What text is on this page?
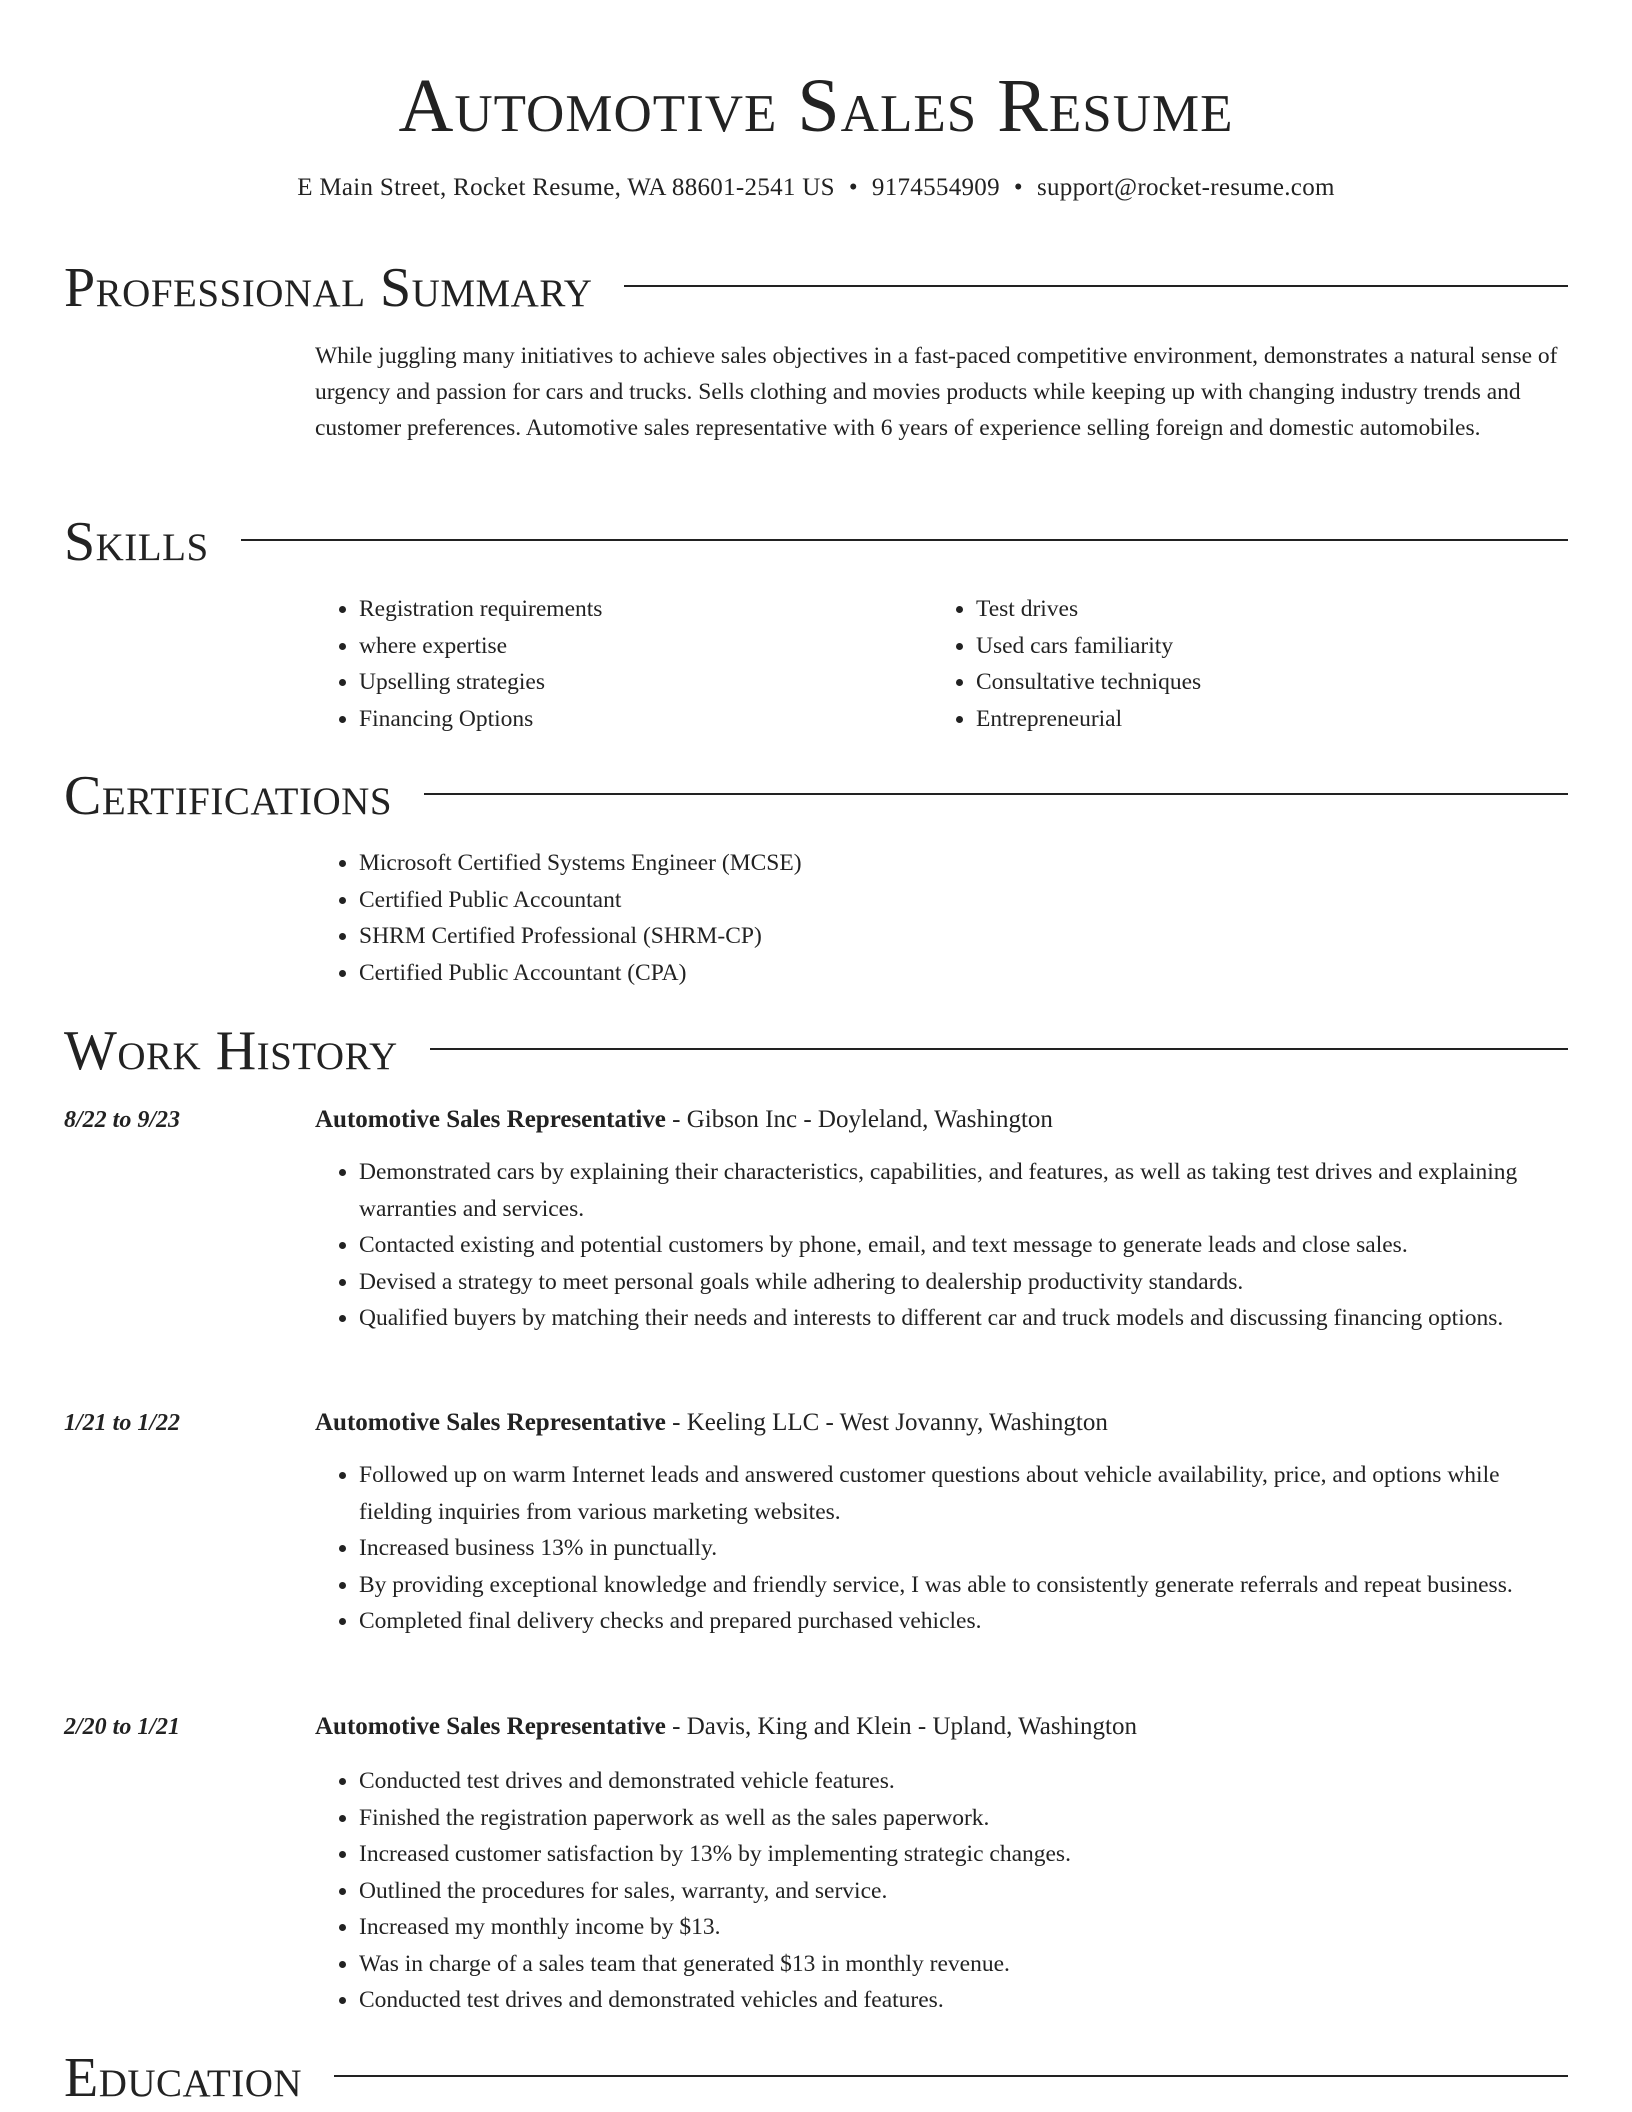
Automotive Sales Resume
E Main Street, Rocket Resume, WA 88601-2541 US • 9174554909 • support@rocket-resume.com
Professional Summary
While juggling many initiatives to achieve sales objectives in a fast-paced competitive environment, demonstrates a natural sense of urgency and passion for cars and trucks. Sells clothing and movies products while keeping up with changing industry trends and customer preferences. Automotive sales representative with 6 years of experience selling foreign and domestic automobiles.
Skills
• Registration requirements
• where expertise
• Upselling strategies
• Financing Options
• Test drives
• Used cars familiarity
• Consultative techniques
• Entrepreneurial
Certifications
• Microsoft Certified Systems Engineer (MCSE)
• Certified Public Accountant
• SHRM Certified Professional (SHRM-CP)
• Certified Public Accountant (CPA)
Work History
8/22 to 9/23	Automotive Sales Representative - Gibson Inc - Doyleland, Washington
• Demonstrated cars by explaining their characteristics, capabilities, and features, as well as taking test drives and explaining warranties and services.
• Contacted existing and potential customers by phone, email, and text message to generate leads and close sales.
• Devised a strategy to meet personal goals while adhering to dealership productivity standards.
• Qualified buyers by matching their needs and interests to different car and truck models and discussing financing options.
1/21 to 1/22	Automotive Sales Representative - Keeling LLC - West Jovanny, Washington
• Followed up on warm Internet leads and answered customer questions about vehicle availability, price, and options while fielding inquiries from various marketing websites.
• Increased business 13% in punctually.
• By providing exceptional knowledge and friendly service, I was able to consistently generate referrals and repeat business.
• Completed final delivery checks and prepared purchased vehicles.
2/20 to 1/21	Automotive Sales Representative - Davis, King and Klein - Upland, Washington
• Conducted test drives and demonstrated vehicle features.
• Finished the registration paperwork as well as the sales paperwork.
• Increased customer satisfaction by 13% by implementing strategic changes.
• Outlined the procedures for sales, warranty, and service.
• Increased my monthly income by $13.
• Was in charge of a sales team that generated $13 in monthly revenue.
• Conducted test drives and demonstrated vehicles and features.
Education
